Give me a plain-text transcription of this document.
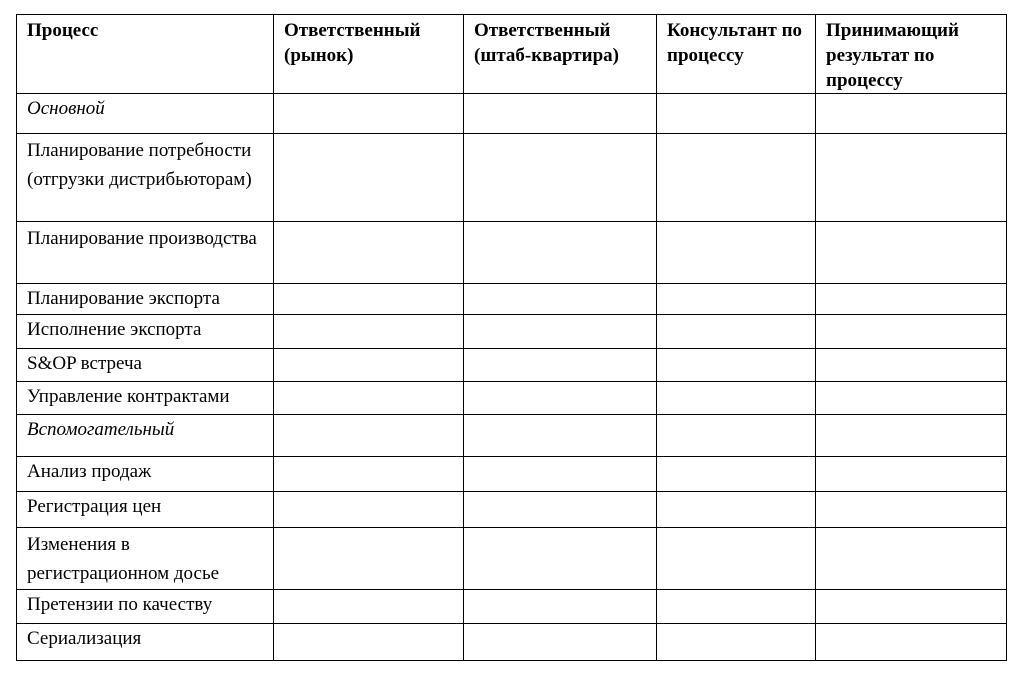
Процесс	Ответственный (рынок)	Ответственный (штаб-квартира)	Консультант по процессу	Принимающий результат по процессу
Основной				
Планирование потребности (отгрузки дистрибьюторам)				
Планирование производства				
Планирование экспорта				
Исполнение экспорта				
S&OP встреча				
Управление контрактами				
Вспомогательный				
Анализ продаж				
Регистрация цен				
Изменения в регистрационном досье				
Претензии по качеству				
Сериализация				
